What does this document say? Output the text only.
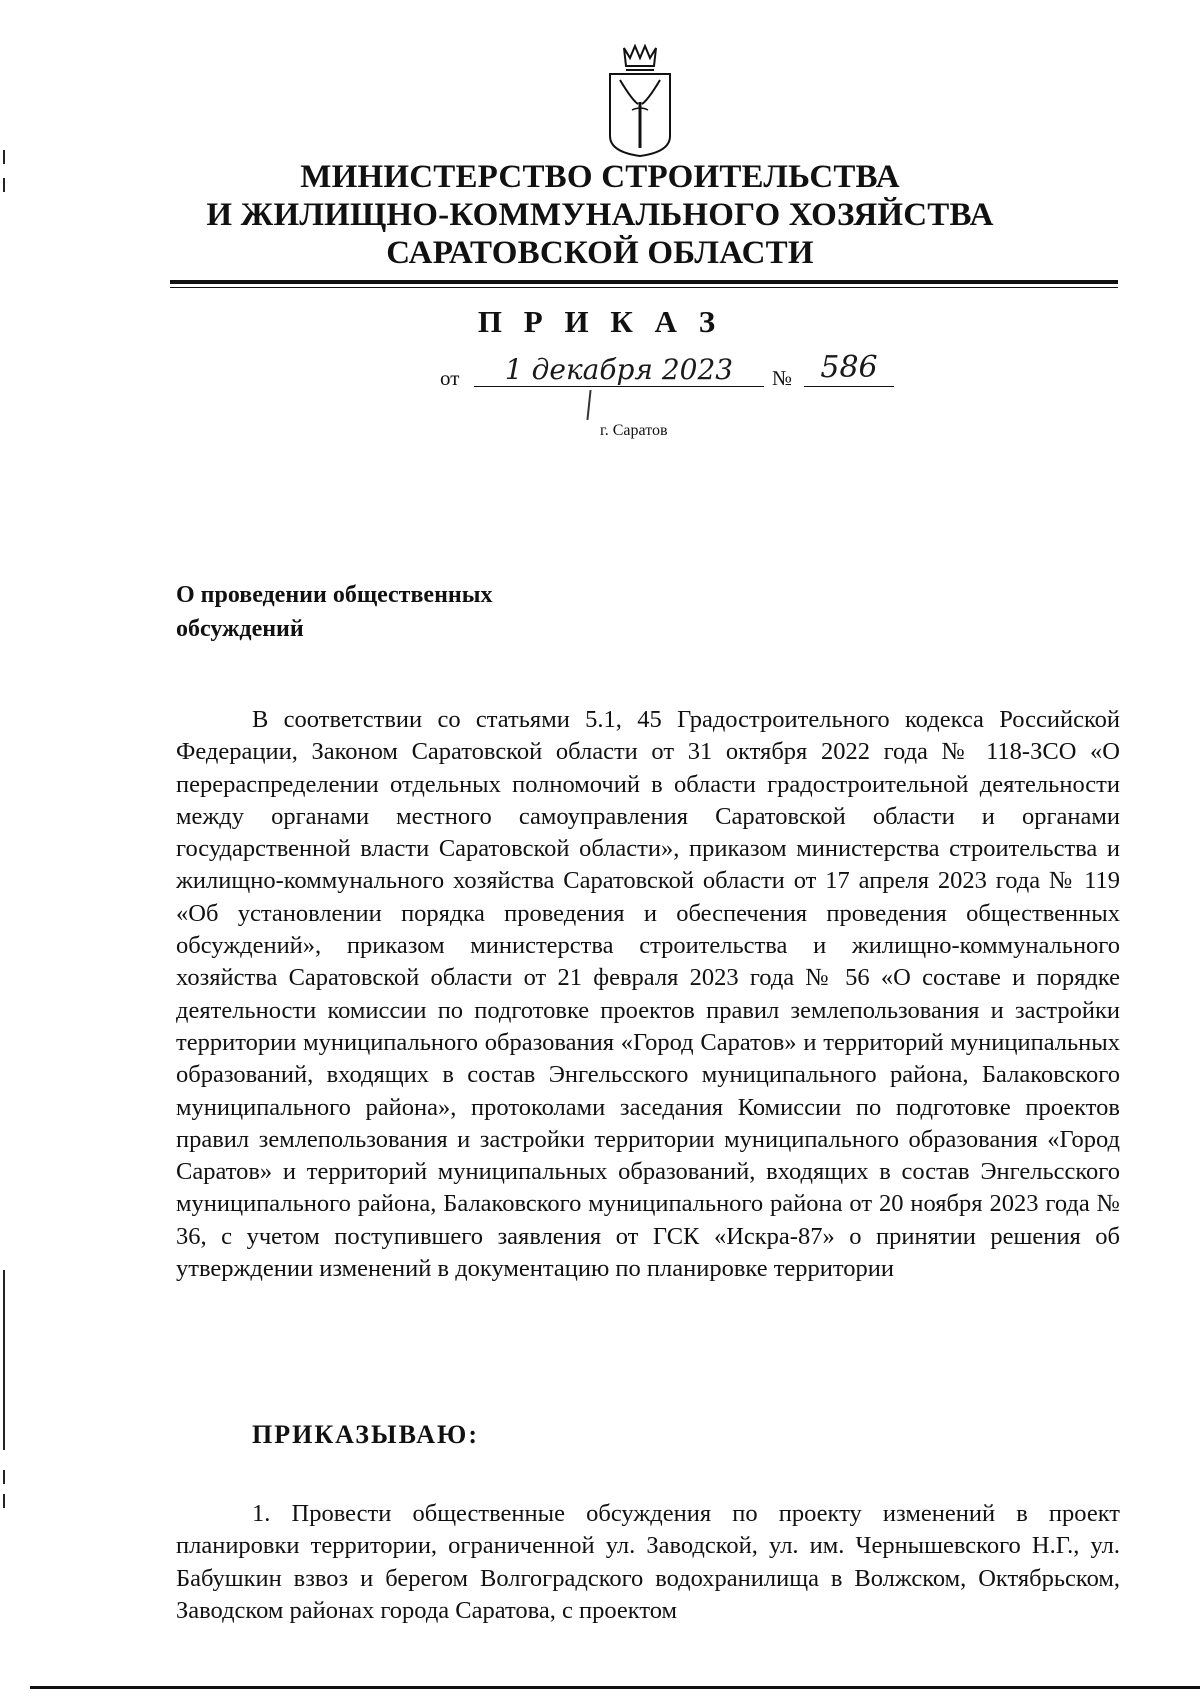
МИНИСТЕРСТВО СТРОИТЕЛЬСТВА
И ЖИЛИЩНО-КОММУНАЛЬНОГО ХОЗЯЙСТВА
САРАТОВСКОЙ ОБЛАСТИ
П Р И К А З
от	1 декабря 2023	№ 586
г. Саратов
О проведении общественных
обсуждений
В соответствии со статьями 5.1, 45 Градостроительного кодекса Российской Федерации, Законом Саратовской области от 31 октября 2022 года № 118-ЗСО «О перераспределении отдельных полномочий в области градостроительной деятельности между органами местного самоуправления Саратовской области и органами государственной власти Саратовской области», приказом министерства строительства и жилищно-коммунального хозяйства Саратовской области от 17 апреля 2023 года № 119 «Об установлении порядка проведения и обеспечения проведения общественных обсуждений», приказом министерства строительства и жилищно-коммунального хозяйства Саратовской области от 21 февраля 2023 года № 56 «О составе и порядке деятельности комиссии по подготовке проектов правил землепользования и застройки территории муниципального образования «Город Саратов» и территорий муниципальных образований, входящих в состав Энгельсского муниципального района, Балаковского муниципального района», протоколами заседания Комиссии по подготовке проектов правил землепользования и застройки территории муниципального образования «Город Саратов» и территорий муниципальных образований, входящих в состав Энгельсского муниципального района, Балаковского муниципального района от 20 ноября 2023 года № 36, с учетом поступившего заявления от ГСК «Искра-87» о принятии решения об утверждении изменений в документацию по планировке территории
ПРИКАЗЫВАЮ:
1. Провести общественные обсуждения по проекту изменений в проект планировки территории, ограниченной ул. Заводской, ул. им. Чернышевского Н.Г., ул. Бабушкин взвоз и берегом Волгоградского водохранилища в Волжском, Октябрьском, Заводском районах города Саратова, с проектом
